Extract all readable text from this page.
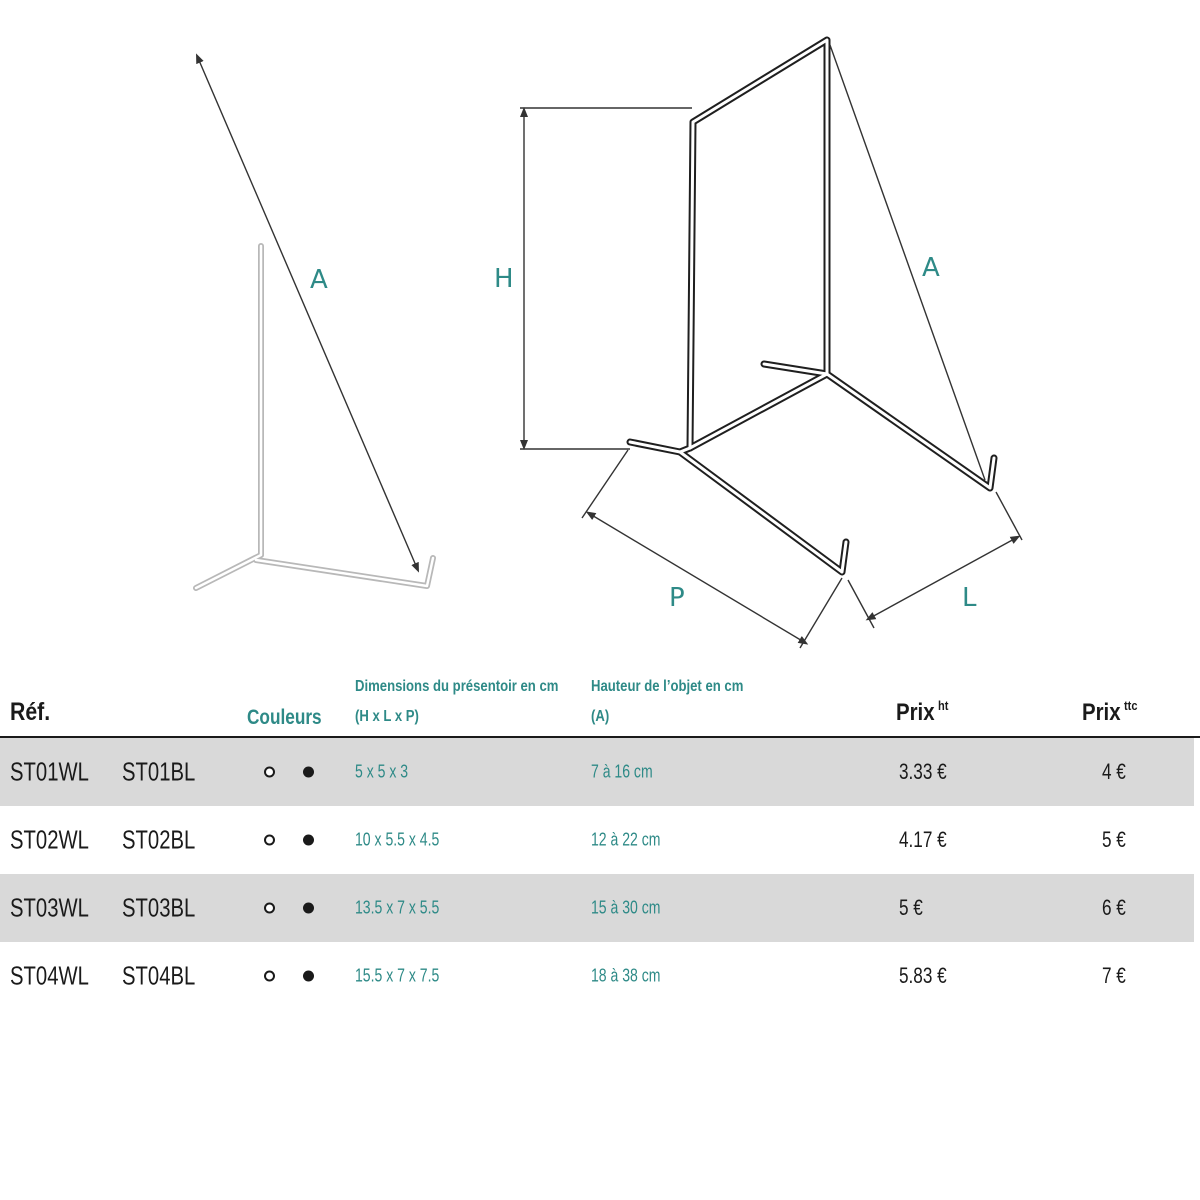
A	H	A
P	L
Réf.	Couleurs
Dimensions du présentoir en cm
(H x L x P)
Hauteur de l’objet en cm
(A)	Prix $^{ht}$	Prix $^{ttc}$
ST01WL ST01BL	5 x 5 x 3	7 à 16 cm	3.33 €	4 €
ST02WL ST02BL	10 x 5.5 x 4.5	12 à 22 cm	4.17 €	5 €
ST03WL ST03BL	13.5 x 7 x 5.5	15 à 30 cm	5 €	6 €
ST04WL ST04BL	15.5 x 7 x 7.5	18 à 38 cm	5.83 €	7 €
